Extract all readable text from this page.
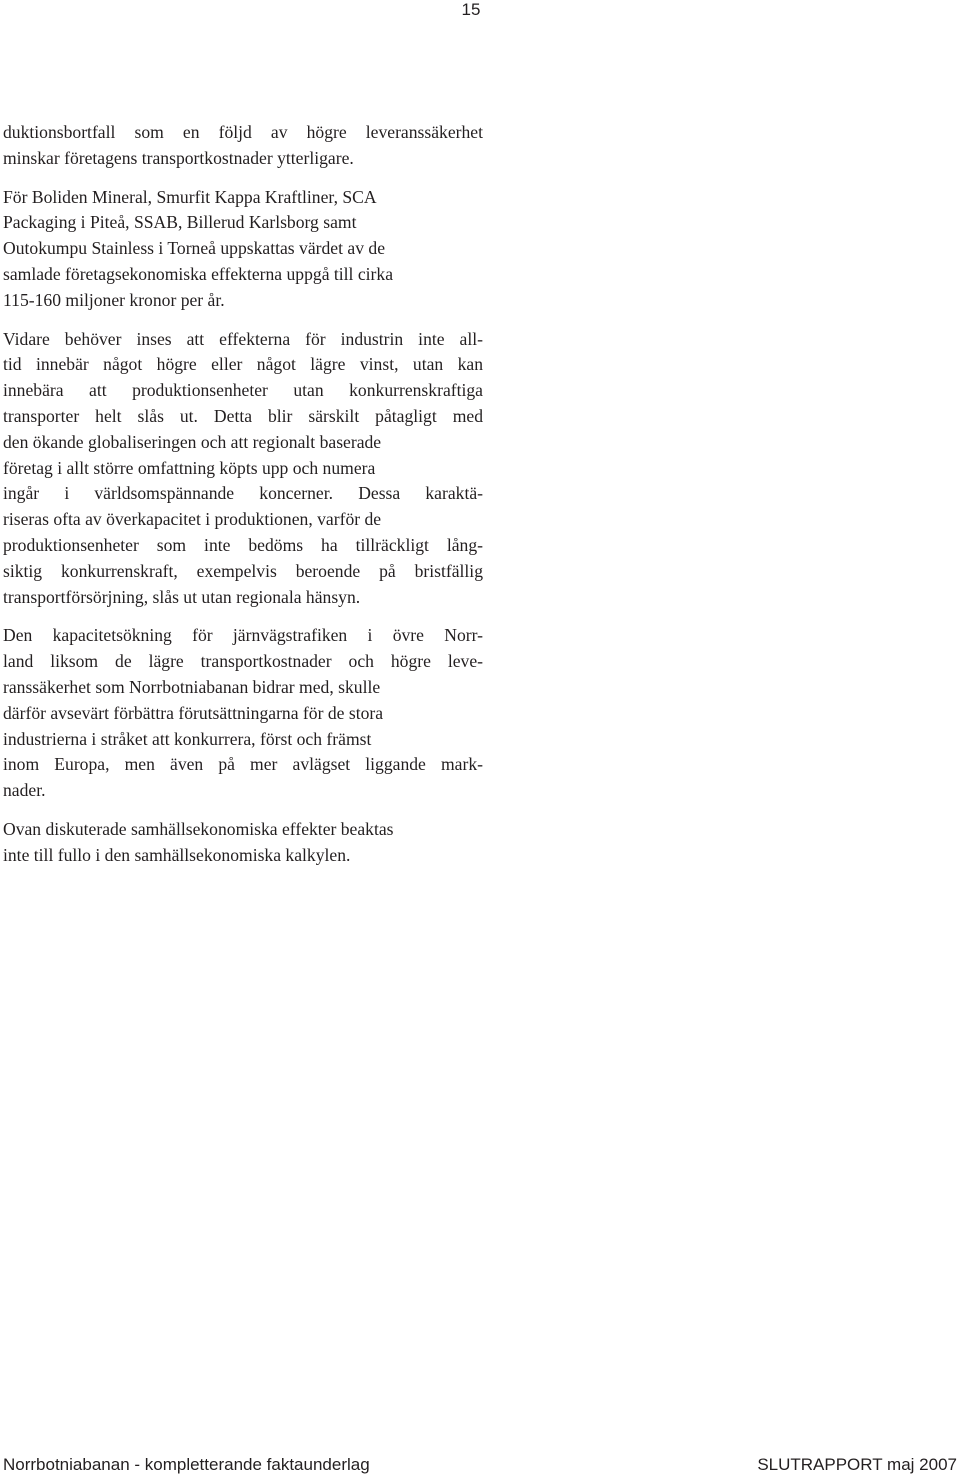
15

duktionsbortfall som en följd av högre leveranssäkerhet
minskar företagens transportkostnader ytterligare.

För Boliden Mineral, Smurfit Kappa Kraftliner, SCA
Packaging i Piteå, SSAB, Billerud Karlsborg samt
Outokumpu Stainless i Torneå uppskattas värdet av de
samlade företagsekonomiska effekterna uppgå till cirka
115-160 miljoner kronor per år.

Vidare behöver inses att effekterna för industrin inte all-
tid innebär något högre eller något lägre vinst, utan kan
innebära att produktionsenheter utan konkurrenskraftiga
transporter helt slås ut. Detta blir särskilt påtagligt med
den ökande globaliseringen och att regionalt baserade
företag i allt större omfattning köpts upp och numera
ingår i världsomspännande koncerner. Dessa karaktä-
riseras ofta av överkapacitet i produktionen, varför de
produktionsenheter som inte bedöms ha tillräckligt lång-
siktig konkurrenskraft, exempelvis beroende på bristfällig
transportförsörjning, slås ut utan regionala hänsyn.

Den kapacitetsökning för järnvägstrafiken i övre Norr-
land liksom de lägre transportkostnader och högre leve-
ranssäkerhet som Norrbotniabanan bidrar med, skulle
därför avsevärt förbättra förutsättningarna för de stora
industrierna i stråket att konkurrera, först och främst
inom Europa, men även på mer avlägset liggande mark-
nader.

Ovan diskuterade samhällsekonomiska effekter beaktas
inte till fullo i den samhällsekonomiska kalkylen.

Norrbotniabanan - kompletterande faktaunderlag	SLUTRAPPORT maj 2007
